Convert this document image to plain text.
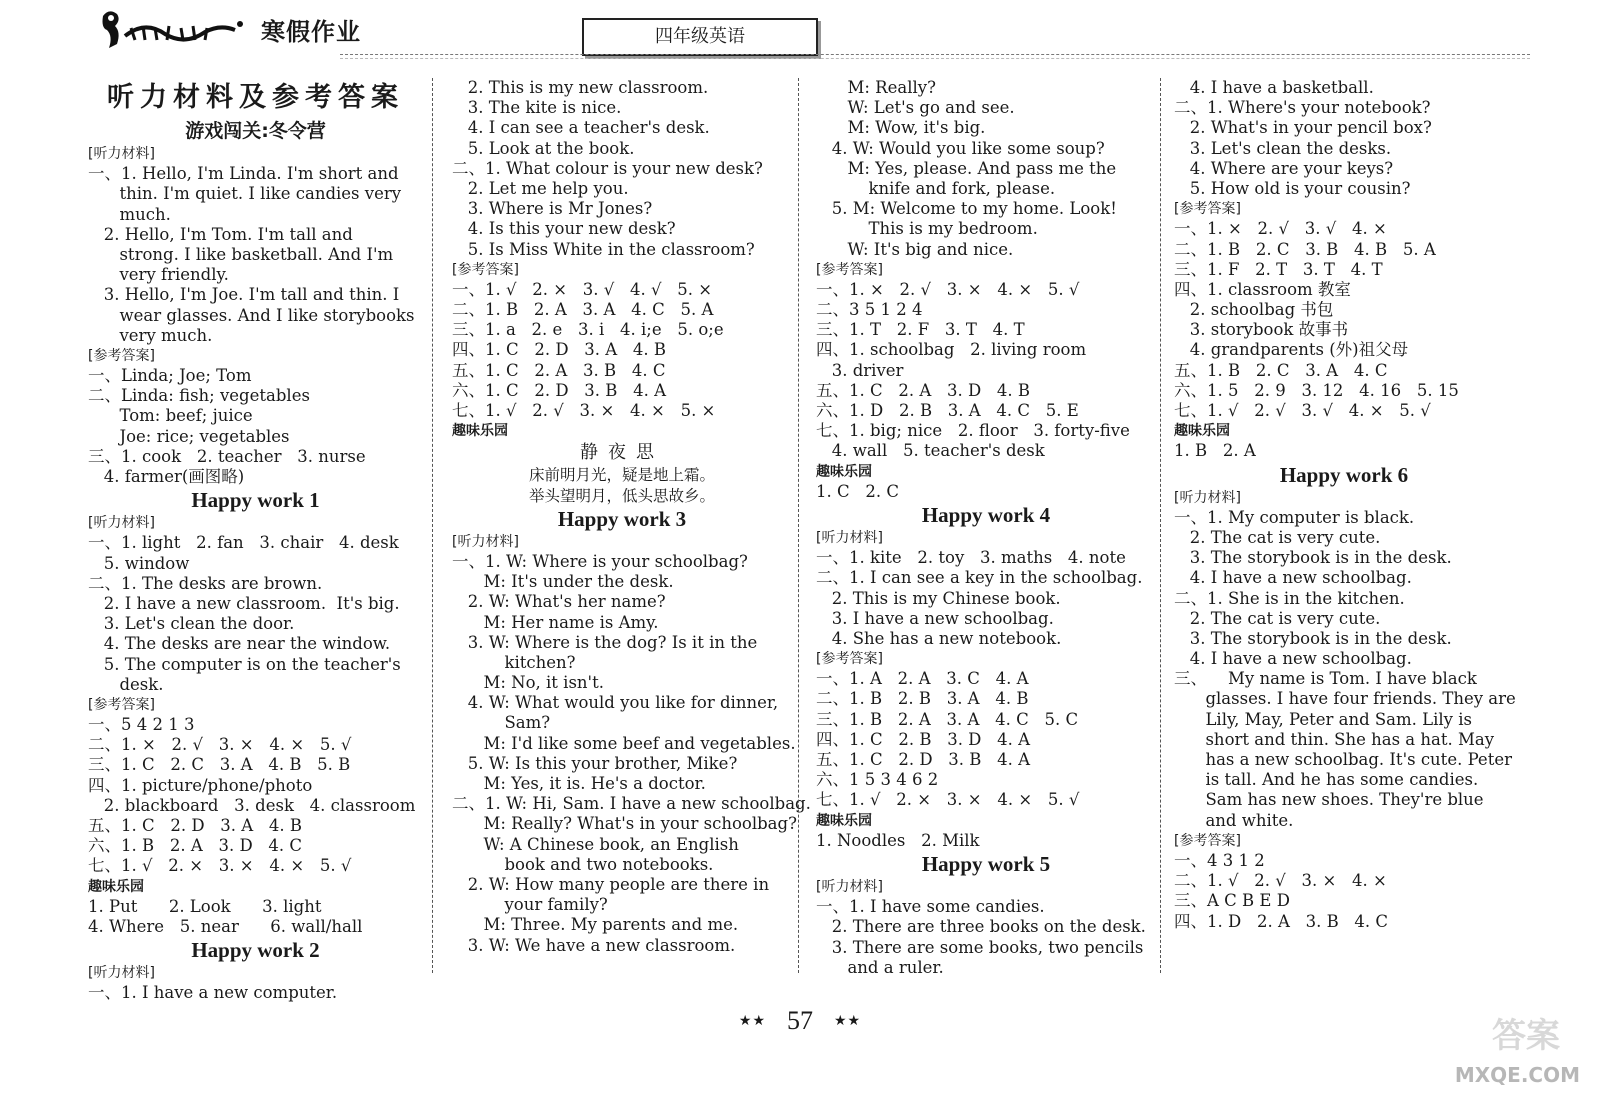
寒假作业	四年级英语
听力材料及参考答案
游戏闯关:冬令营
[听力材料]
一、1. Hello, I'm Linda. I'm short and
thin. I'm quiet. I like candies very
much.
2. Hello, I'm Tom. I'm tall and
strong. I like basketball. And I'm
very friendly.
3. Hello, I'm Joe. I'm tall and thin. I
wear glasses. And I like storybooks
very much.
[参考答案]
一、Linda; Joe; Tom
二、Linda: fish; vegetables
Tom: beef; juice
Joe: rice; vegetables
三、1. cook   2. teacher   3. nurse
4. farmer(画图略)
Happy work 1
[听力材料]
一、1. light   2. fan   3. chair   4. desk
5. window
二、1. The desks are brown.
2. I have a new classroom.  It's big.
3. Let's clean the door.
4. The desks are near the window.
5. The computer is on the teacher's
desk.
[参考答案]
一、5 4 2 1 3
二、1. ×   2. √   3. ×   4. ×   5. √
三、1. C   2. C   3. A   4. B   5. B
四、1. picture/phone/photo
2. blackboard   3. desk   4. classroom
五、1. C   2. D   3. A   4. B
六、1. B   2. A   3. D   4. C
七、1. √   2. ×   3. ×   4. ×   5. √
趣味乐园
1. Put      2. Look      3. light
4. Where   5. near      6. wall/hall
Happy work 2
[听力材料]
一、1. I have a new computer.
2. This is my new classroom.
3. The kite is nice.
4. I can see a teacher's desk.
5. Look at the book.
二、1. What colour is your new desk?
2. Let me help you.
3. Where is Mr Jones?
4. Is this your new desk?
5. Is Miss White in the classroom?
[参考答案]
一、1. √   2. ×   3. √   4. √   5. ×
二、1. B   2. A   3. A   4. C   5. A
三、1. a   2. e   3. i   4. i;e   5. o;e
四、1. C   2. D   3. A   4. B
五、1. C   2. A   3. B   4. C
六、1. C   2. D   3. B   4. A
七、1. √   2. √   3. ×   4. ×   5. ×
趣味乐园
静夜思
床前明月光，疑是地上霜。
举头望明月，低头思故乡。
Happy work 3
[听力材料]
一、1. W: Where is your schoolbag?
M: It's under the desk.
2. W: What's her name?
M: Her name is Amy.
3. W: Where is the dog? Is it in the
kitchen?
M: No, it isn't.
4. W: What would you like for dinner,
Sam?
M: I'd like some beef and vegetables.
5. W: Is this your brother, Mike?
M: Yes, it is. He's a doctor.
二、1. W: Hi, Sam. I have a new schoolbag.
M: Really? What's in your schoolbag?
W: A Chinese book, an English
book and two notebooks.
2. W: How many people are there in
your family?
M: Three. My parents and me.
3. W: We have a new classroom.
M: Really?
W: Let's go and see.
M: Wow, it's big.
4. W: Would you like some soup?
M: Yes, please. And pass me the
knife and fork, please.
5. M: Welcome to my home. Look!
This is my bedroom.
W: It's big and nice.
[参考答案]
一、1. ×   2. √   3. ×   4. ×   5. √
二、3 5 1 2 4
三、1. T   2. F   3. T   4. T
四、1. schoolbag   2. living room
3. driver
五、1. C   2. A   3. D   4. B
六、1. D   2. B   3. A   4. C   5. E
七、1. big; nice   2. floor   3. forty-five
4. wall   5. teacher's desk
趣味乐园
1. C   2. C
Happy work 4
[听力材料]
一、1. kite   2. toy   3. maths   4. note
二、1. I can see a key in the schoolbag.
2. This is my Chinese book.
3. I have a new schoolbag.
4. She has a new notebook.
[参考答案]
一、1. A   2. A   3. C   4. A
二、1. B   2. B   3. A   4. B
三、1. B   2. A   3. A   4. C   5. C
四、1. C   2. B   3. D   4. A
五、1. C   2. D   3. B   4. A
六、1 5 3 4 6 2
七、1. √   2. ×   3. ×   4. ×   5. √
趣味乐园
1. Noodles   2. Milk
Happy work 5
[听力材料]
一、1. I have some candies.
2. There are three books on the desk.
3. There are some books, two pencils
and a ruler.
4. I have a basketball.
二、1. Where's your notebook?
2. What's in your pencil box?
3. Let's clean the desks.
4. Where are your keys?
5. How old is your cousin?
[参考答案]
一、1. ×   2. √   3. √   4. ×
二、1. B   2. C   3. B   4. B   5. A
三、1. F   2. T   3. T   4. T
四、1. classroom 教室
2. schoolbag 书包
3. storybook 故事书
4. grandparents (外)祖父母
五、1. B   2. C   3. A   4. C
六、1. 5   2. 9   3. 12   4. 16   5. 15
七、1. √   2. √   3. √   4. ×   5. √
趣味乐园
1. B   2. A
Happy work 6
[听力材料]
一、1. My computer is black.
2. The cat is very cute.
3. The storybook is in the desk.
4. I have a new schoolbag.
二、1. She is in the kitchen.
2. The cat is very cute.
3. The storybook is in the desk.
4. I have a new schoolbag.
三、    My name is Tom. I have black
glasses. I have four friends. They are
Lily, May, Peter and Sam. Lily is
short and thin. She has a hat. May
has a new schoolbag. It's cute. Peter
is tall. And he has some candies.
Sam has new shoes. They're blue
and white.
[参考答案]
一、4 3 1 2
二、1. √   2. √   3. ×   4. ×
三、A C B E D
四、1. D   2. A   3. B   4. C
★★ 57 ★★	答案
MXQE.COM
